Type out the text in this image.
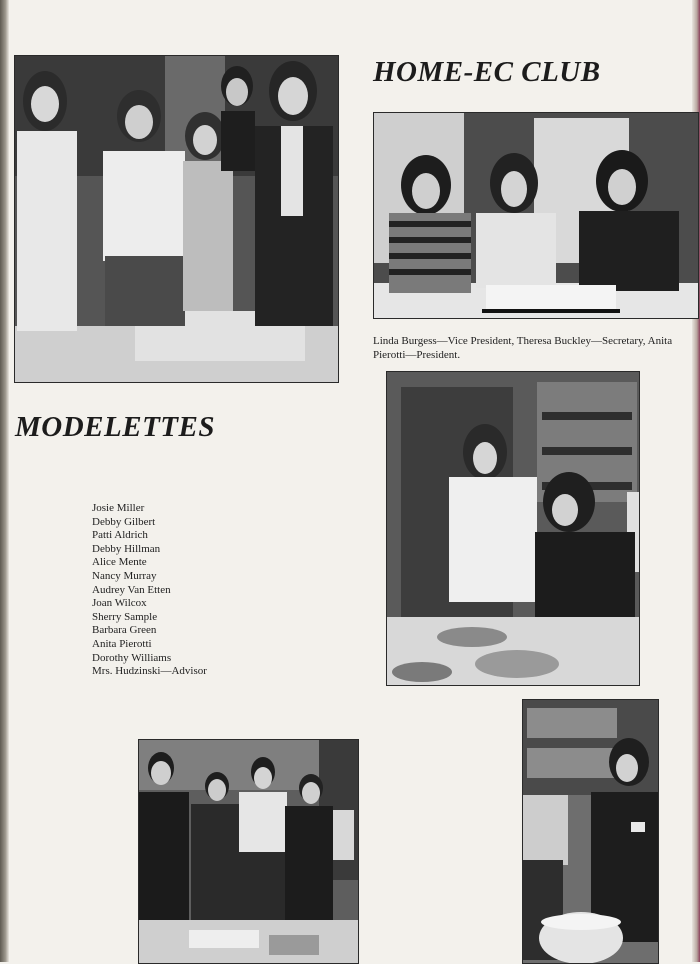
HOME-EC CLUB

Linda Burgess—Vice President, Theresa Buckley—Secretary, Anita Pierotti—President.

MODELETTES
Josie Miller
Debby Gilbert
Patti Aldrich
Debby Hillman
Alice Mente
Nancy Murray
Audrey Van Etten
Joan Wilcox
Sherry Sample
Barbara Green
Anita Pierotti
Dorothy Williams
Mrs. Hudzinski—Advisor
